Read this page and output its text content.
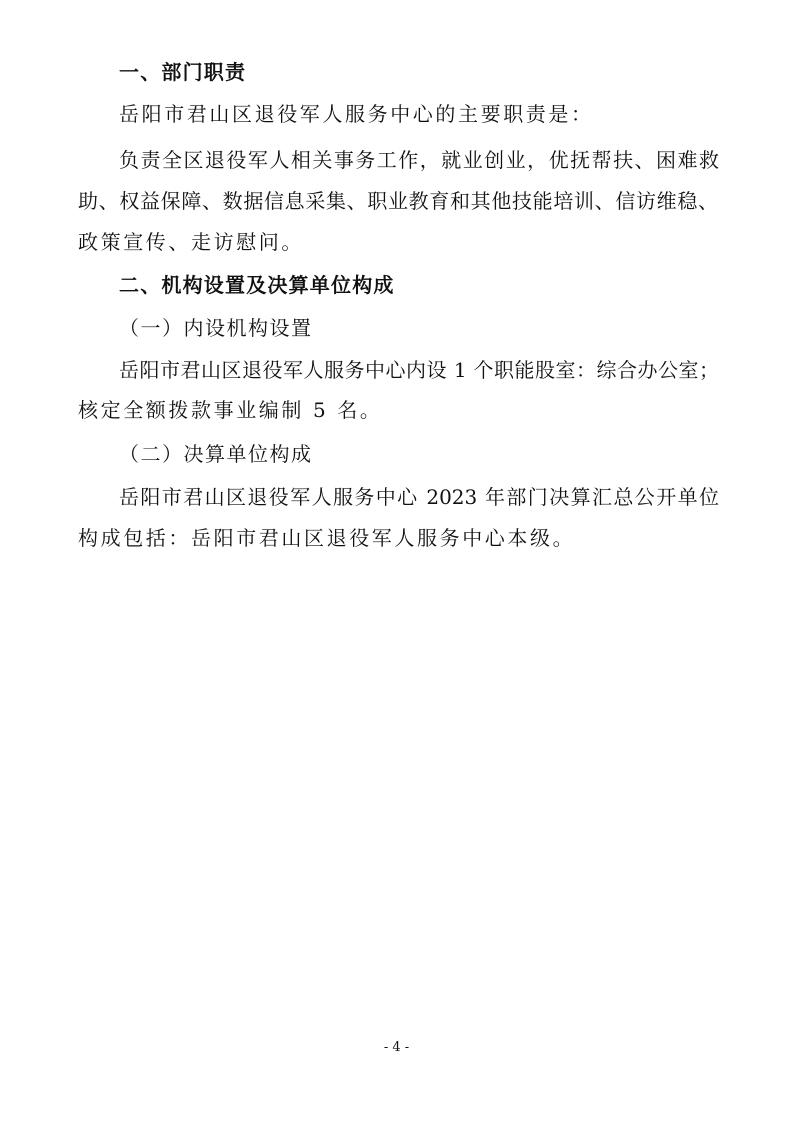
一、部门职责
岳阳市君山区退役军人服务中心的主要职责是：
负责全区退役军人相关事务工作，就业创业，优抚帮扶、困难救
助、权益保障、数据信息采集、职业教育和其他技能培训、信访维稳、
政策宣传、走访慰问。
二、机构设置及决算单位构成
（一）内设机构设置
岳阳市君山区退役军人服务中心内设 1 个职能股室：综合办公室；
核定全额拨款事业编制 5 名。
（二）决算单位构成
岳阳市君山区退役军人服务中心 2023 年部门决算汇总公开单位
构成包括：岳阳市君山区退役军人服务中心本级。
- 4 -
